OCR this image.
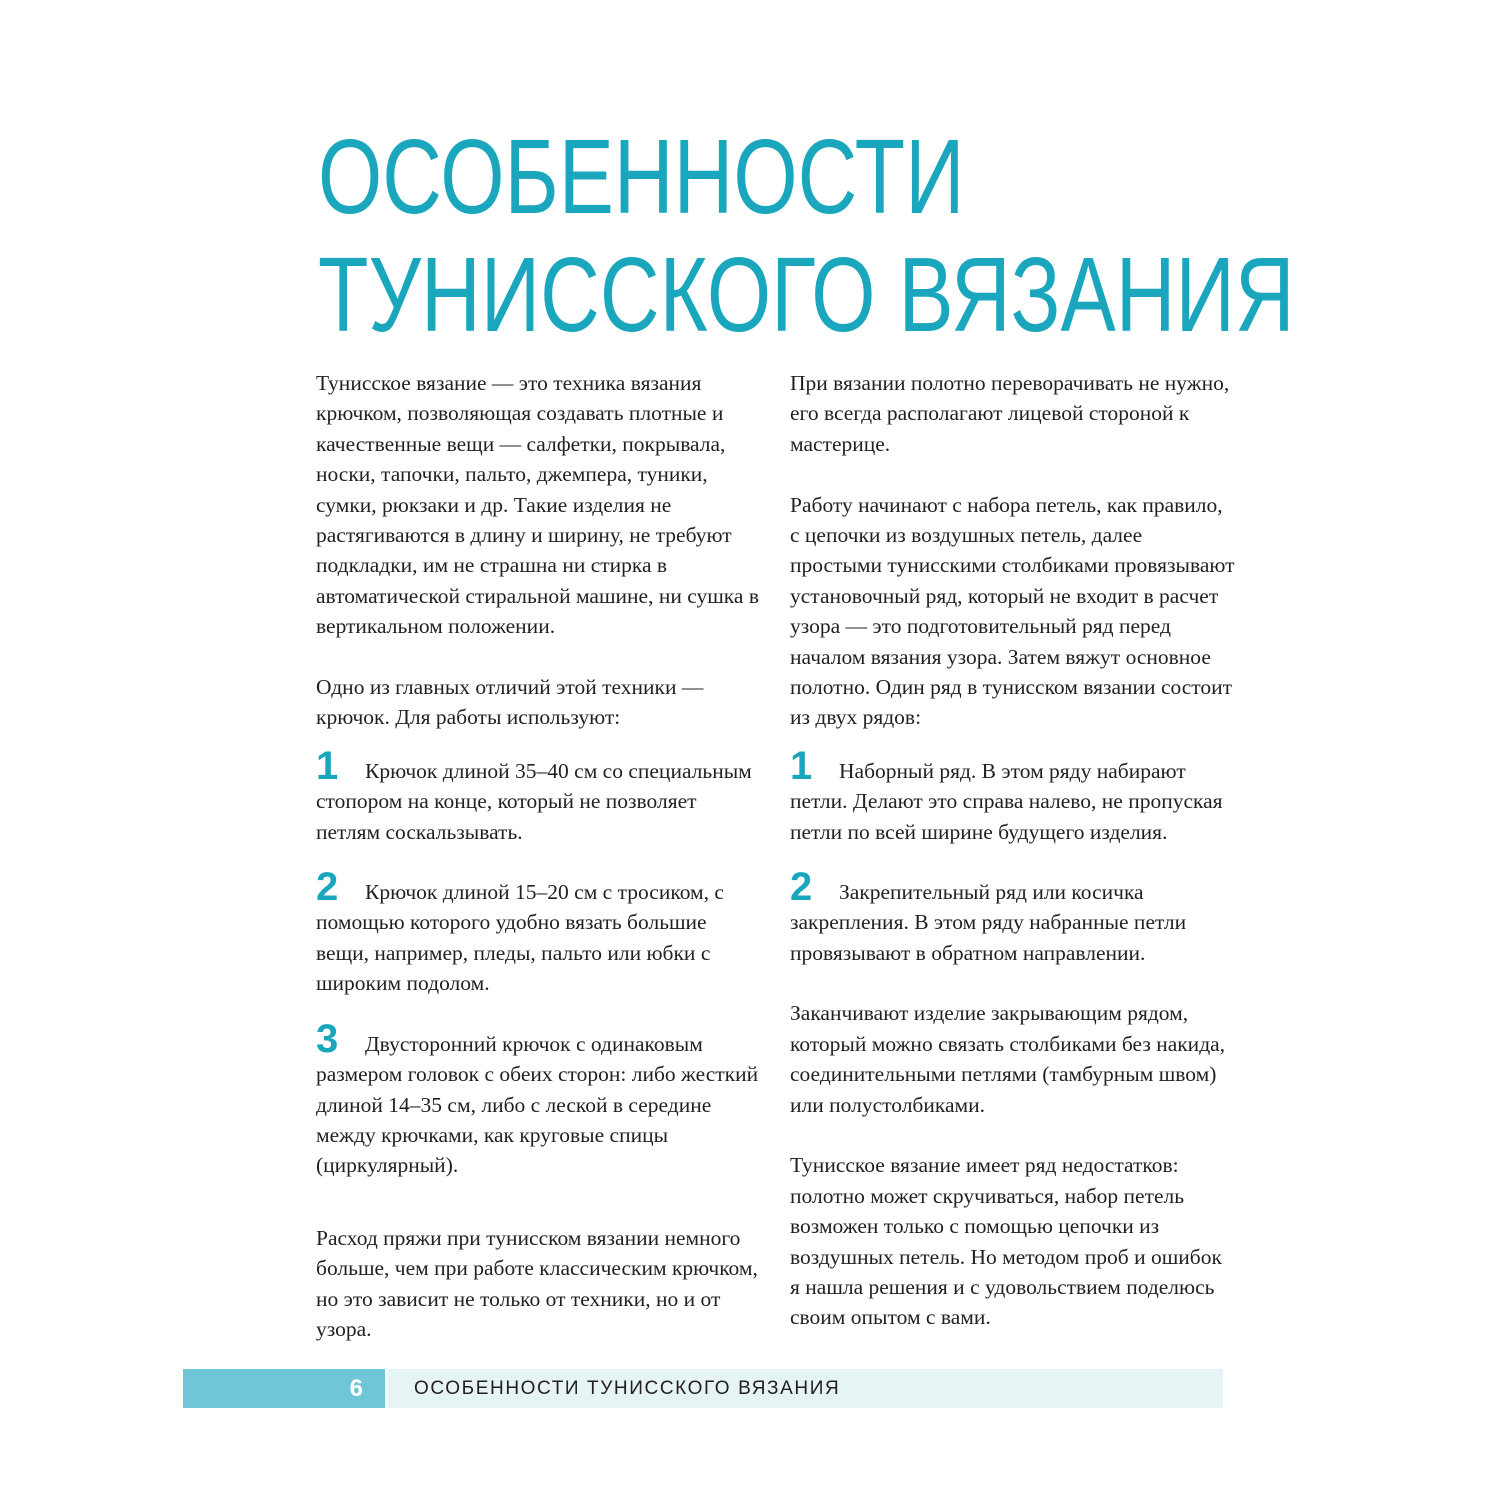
ОСОБЕННОСТИ
ТУНИССКОГО ВЯЗАНИЯ

Тунисское вязание — это техника вязания крючком, позволяющая создавать плотные и качественные вещи — салфетки, покрывала, носки, тапочки, пальто, джемпера, туники, сумки, рюкзаки и др. Такие изделия не растягиваются в длину и ширину, не требуют подкладки, им не страшна ни стирка в автоматической стиральной машине, ни сушка в вертикальном положении.

Одно из главных отличий этой техники — крючок. Для работы используют:

1 Крючок длиной 35–40 см со специальным стопором на конце, который не позволяет петлям соскальзывать.

2 Крючок длиной 15–20 см с тросиком, с помощью которого удобно вязать большие вещи, например, пледы, пальто или юбки с широким подолом.

3 Двусторонний крючок с одинаковым размером головок с обеих сторон: либо жесткий длиной 14–35 см, либо с леской в середине между крючками, как круговые спицы (циркулярный).

Расход пряжи при тунисском вязании немного больше, чем при работе классическим крючком, но это зависит не только от техники, но и от узора.

При вязании полотно переворачивать не нужно, его всегда располагают лицевой стороной к мастерице.

Работу начинают с набора петель, как правило, с цепочки из воздушных петель, далее простыми тунисскими столбиками провязывают установочный ряд, который не входит в расчет узора — это подготовительный ряд перед началом вязания узора. Затем вяжут основное полотно. Один ряд в тунисском вязании состоит из двух рядов:

1 Наборный ряд. В этом ряду набирают петли. Делают это справа налево, не пропуская петли по всей ширине будущего изделия.

2 Закрепительный ряд или косичка закрепления. В этом ряду набранные петли провязывают в обратном направлении.

Заканчивают изделие закрывающим рядом, который можно связать столбиками без накида, соединительными петлями (тамбурным швом) или полустолбиками.

Тунисское вязание имеет ряд недостатков: полотно может скручиваться, набор петель возможен только с помощью цепочки из воздушных петель. Но методом проб и ошибок я нашла решения и с удовольствием поделюсь своим опытом с вами.

6	ОСОБЕННОСТИ ТУНИССКОГО ВЯЗАНИЯ
